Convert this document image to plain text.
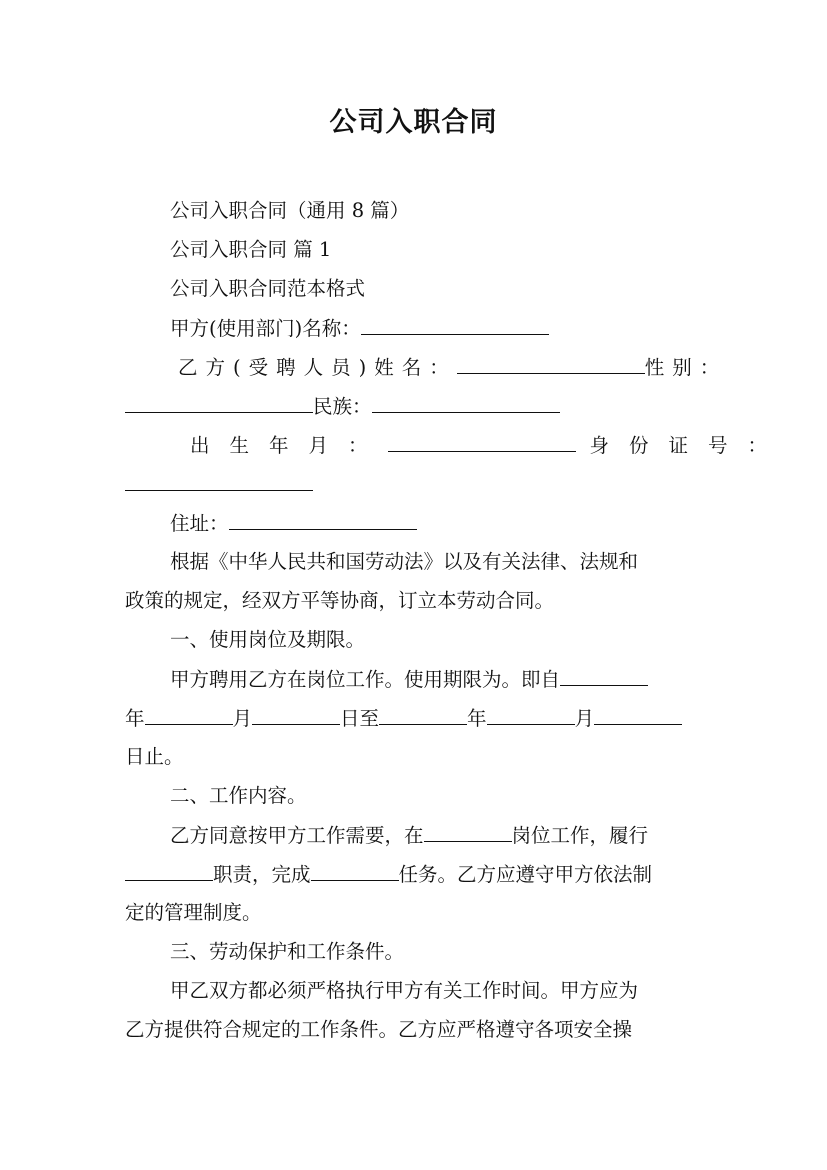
公司入职合同
公司入职合同（通用 8 篇）
公司入职合同 篇 1
公司入职合同范本格式
甲方(使用部门)名称：
乙方(受聘人员)姓名：	性别：
民族：
出生年月：	身份证号：
住址：
根据《中华人民共和国劳动法》以及有关法律、法规和
政策的规定，经双方平等协商，订立本劳动合同。
一、使用岗位及期限。
甲方聘用乙方在岗位工作。使用期限为。即自
年	月	日至	年	月
日止。
二、工作内容。
乙方同意按甲方工作需要，在	岗位工作，履行
职责，完成	任务。乙方应遵守甲方依法制
定的管理制度。
三、劳动保护和工作条件。
甲乙双方都必须严格执行甲方有关工作时间。甲方应为
乙方提供符合规定的工作条件。乙方应严格遵守各项安全操
